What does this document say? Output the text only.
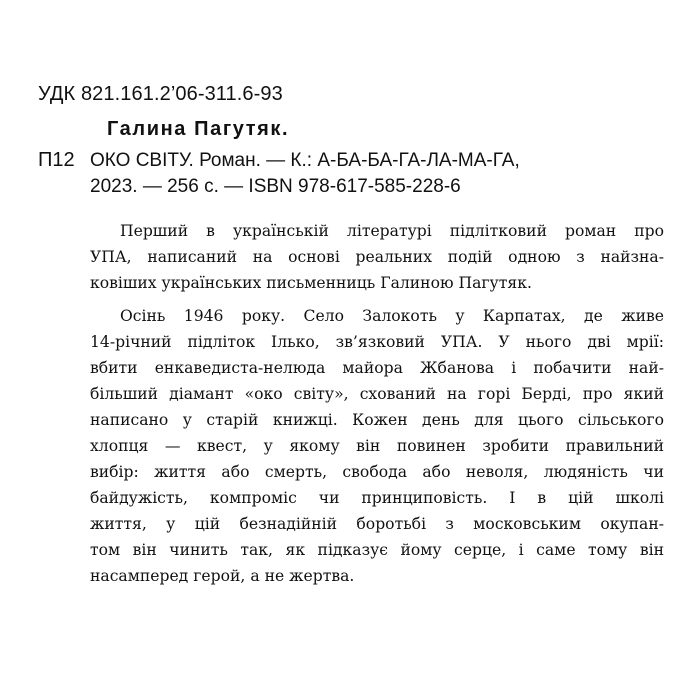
УДК 821.161.2’06-311.6-93
Галина Пагутяк.
П12 ОКО СВІТУ. Роман. — К.: А-БА-БА-ГА-ЛА-МА-ГА,
2023. — 256 с. — ISBN 978-617-585-228-6
Перший в українській літературі підлітковий роман про
УПА, написаний на основі реальних подій одною з найзна-
ковіших українських письменниць Галиною Пагутяк.
Осінь 1946 року. Село Залокоть у Карпатах, де живе
14-річний підліток Ілько, зв’язковий УПА. У нього дві мрії:
вбити енкаведиста-нелюда майора Жбанова і побачити най-
більший діамант «око світу», схований на горі Берді, про який
написано у старій книжці. Кожен день для цього сільського
хлопця — квест, у якому він повинен зробити правильний
вибір: життя або смерть, свобода або неволя, людяність чи
байдужість, компроміс чи принциповість. І в цій школі
життя, у цій безнадійній боротьбі з московським окупан-
том він чинить так, як підказує йому серце, і саме тому він
насамперед герой, а не жертва.
